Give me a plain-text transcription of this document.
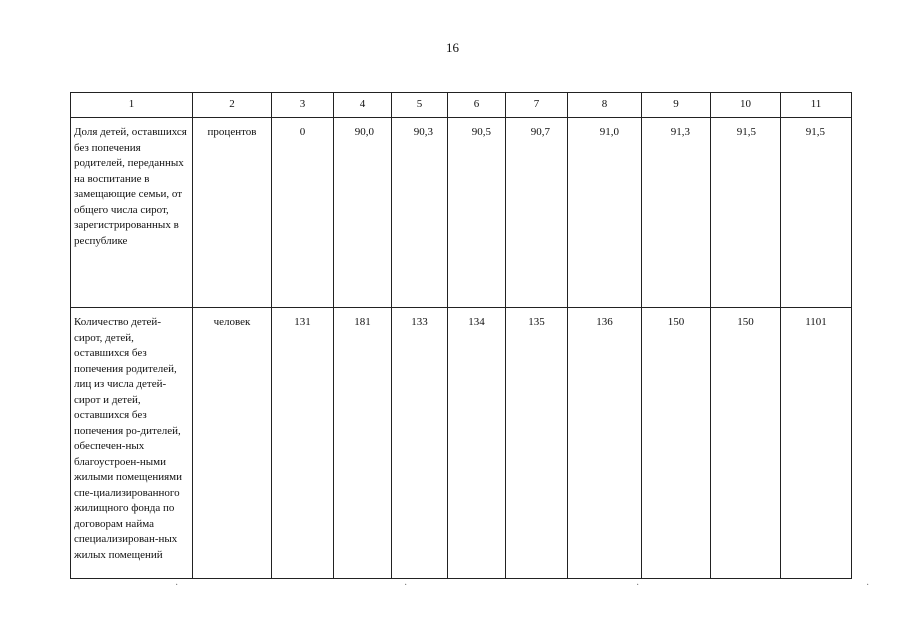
16
1	2	3	4	5	6	7	8	9	10	11
Доля детей, оставшихся без попечения родителей, переданных на воспитание в замещающие семьи, от общего числа сирот, зарегистрированных в республике	процентов	0	90,0	90,3	90,5	90,7	91,0	91,3	91,5	91,5
Количество детей-сирот, детей, оставшихся без попечения родителей, лиц из числа детей-сирот и детей, оставшихся без попечения ро-дителей, обеспечен-ных благоустроен-ными жилыми помещениями спе-циализированного жилищного фонда по договорам найма специализирован-ных жилых помещений	человек	131	181	133	134	135	136	150	150	1101
·	·	·	·
